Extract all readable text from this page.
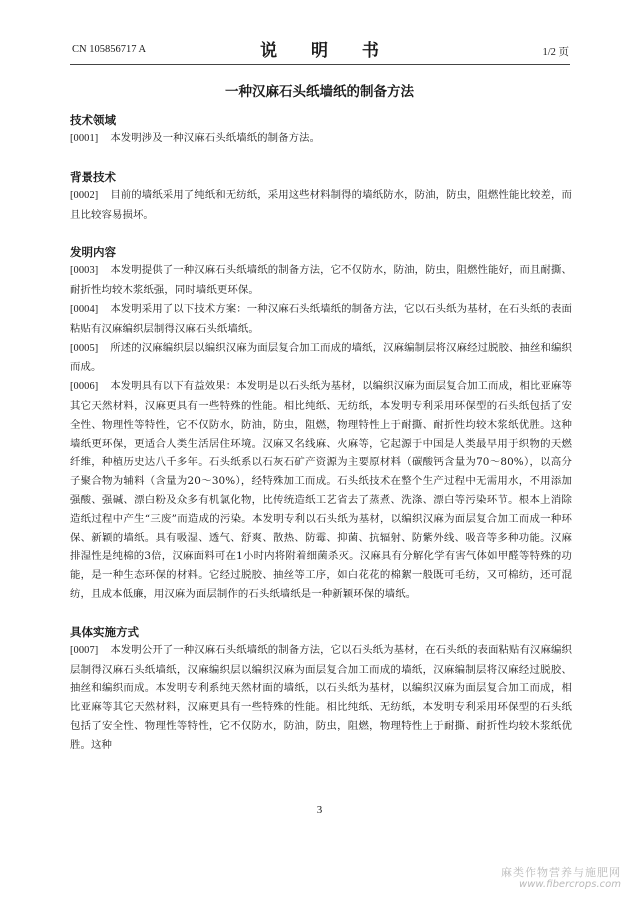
CN 105856717 A	说 明 书	1/2 页
一种汉麻石头纸墙纸的制备方法

技术领域

[0001] 本发明涉及一种汉麻石头纸墙纸的制备方法。

背景技术

[0002] 目前的墙纸采用了纯纸和无纺纸，采用这些材料制得的墙纸防水，防油，防虫，阻燃性能比较差，而且比较容易损坏。

发明内容

[0003] 本发明提供了一种汉麻石头纸墙纸的制备方法，它不仅防水，防油，防虫，阻燃性能好，而且耐撕、耐折性均较木浆纸强，同时墙纸更环保。

[0004] 本发明采用了以下技术方案：一种汉麻石头纸墙纸的制备方法，它以石头纸为基材，在石头纸的表面粘贴有汉麻编织层制得汉麻石头纸墙纸。

[0005] 所述的汉麻编织层以编织汉麻为面层复合加工而成的墙纸，汉麻编制层将汉麻经过脱胶、抽丝和编织而成。

[0006] 本发明具有以下有益效果：本发明是以石头纸为基材，以编织汉麻为面层复合加工而成，相比亚麻等其它天然材料，汉麻更具有一些特殊的性能。相比纯纸、无纺纸，本发明专利采用环保型的石头纸包括了安全性、物理性等特性，它不仅防水，防油，防虫，阻燃，物理特性上于耐撕、耐折性均较木浆纸优胜。这种墙纸更环保，更适合人类生活居住环境。汉麻又名线麻、火麻等，它起源于中国是人类最早用于织物的天燃纤维，种植历史达八千多年。石头纸系以石灰石矿产资源为主要原材料（碳酸钙含量为70～80%），以高分子聚合物为辅料（含量为20～30%），经特殊加工而成。石头纸技术在整个生产过程中无需用水，不用添加强酸、强碱、漂白粉及众多有机氯化物，比传统造纸工艺省去了蒸煮、洗涤、漂白等污染环节。根本上消除造纸过程中产生“三废”而造成的污染。本发明专利以石头纸为基材，以编织汉麻为面层复合加工而成一种环保、新颖的墙纸。具有吸湿、透气、舒爽、散热、防霉、抑菌、抗辐射、防紫外线、吸音等多种功能。汉麻排湿性是纯棉的3倍，汉麻面料可在1小时内将附着细菌杀灭。汉麻具有分解化学有害气体如甲醛等特殊的功能，是一种生态环保的材料。它经过脱胶、抽丝等工序，如白花花的棉絮一般既可毛纺，又可棉纺，还可混纺，且成本低廉，用汉麻为面层制作的石头纸墙纸是一种新颖环保的墙纸。

具体实施方式

[0007] 本发明公开了一种汉麻石头纸墙纸的制备方法，它以石头纸为基材，在石头纸的表面粘贴有汉麻编织层制得汉麻石头纸墙纸，汉麻编织层以编织汉麻为面层复合加工而成的墙纸，汉麻编制层将汉麻经过脱胶、抽丝和编织而成。本发明专利系纯天然材面的墙纸，以石头纸为基材，以编织汉麻为面层复合加工而成，相比亚麻等其它天然材料，汉麻更具有一些特殊的性能。相比纯纸、无纺纸，本发明专利采用环保型的石头纸包括了安全性、物理性等特性，它不仅防水，防油，防虫，阻燃，物理特性上于耐撕、耐折性均较木浆纸优胜。这种

3
麻类作物营养与施肥网
www.fibercrops.com
